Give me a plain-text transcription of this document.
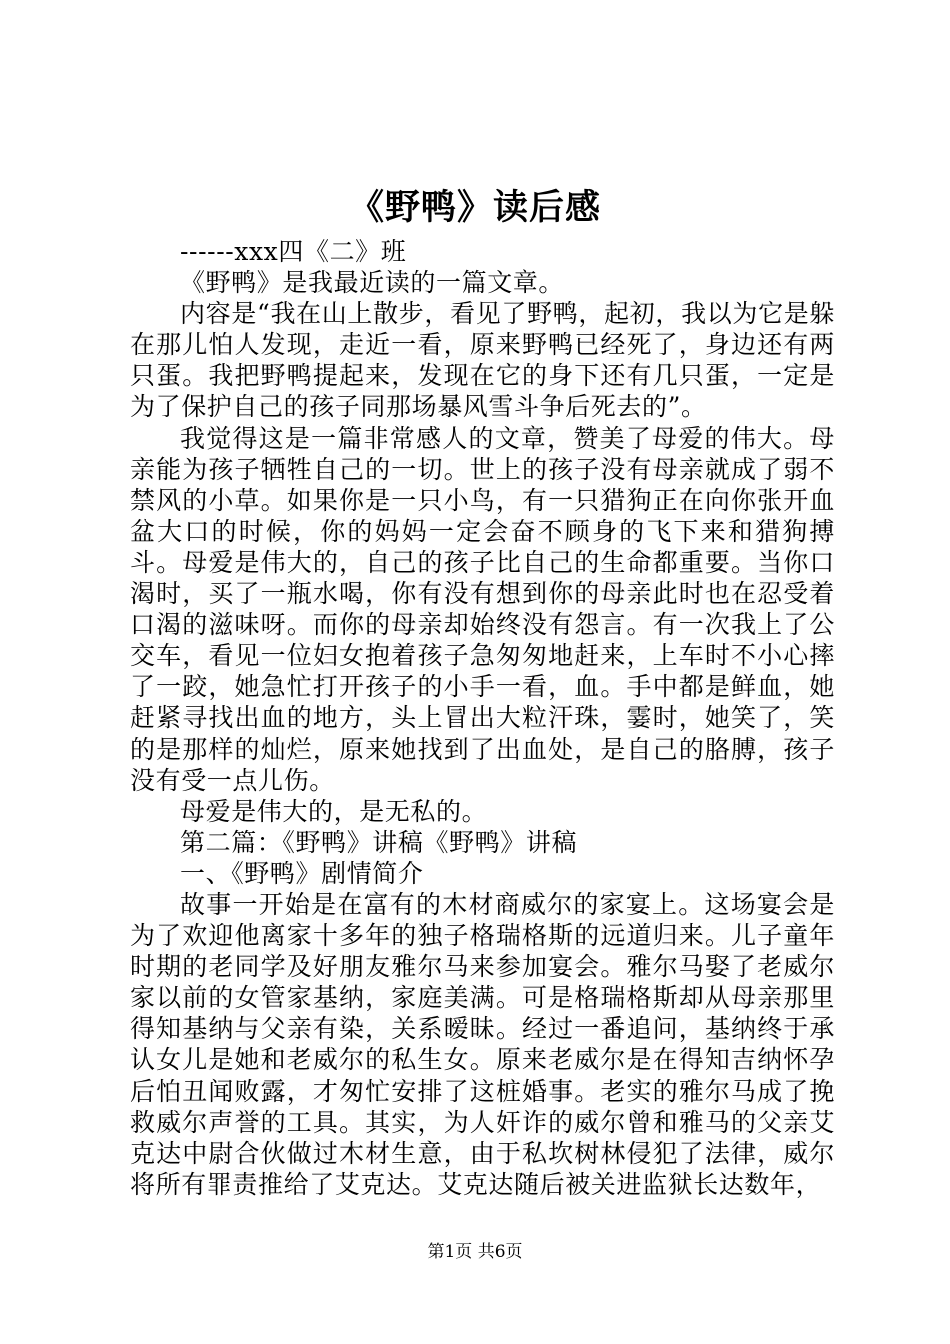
《野鸭》读后感

------xxx四《二》班

《野鸭》是我最近读的一篇文章。

内容是“我在山上散步，看见了野鸭，起初，我以为它是躲在那儿怕人发现，走近一看，原来野鸭已经死了，身边还有两只蛋。我把野鸭提起来，发现在它的身下还有几只蛋，一定是为了保护自己的孩子同那场暴风雪斗争后死去的”。

我觉得这是一篇非常感人的文章，赞美了母爱的伟大。母亲能为孩子牺牲自己的一切。世上的孩子没有母亲就成了弱不禁风的小草。如果你是一只小鸟，有一只猎狗正在向你张开血盆大口的时候，你的妈妈一定会奋不顾身的飞下来和猎狗搏斗。母爱是伟大的，自己的孩子比自己的生命都重要。当你口渴时，买了一瓶水喝，你有没有想到你的母亲此时也在忍受着口渴的滋味呀。而你的母亲却始终没有怨言。有一次我上了公交车，看见一位妇女抱着孩子急匆匆地赶来，上车时不小心摔了一跤，她急忙打开孩子的小手一看，血。手中都是鲜血，她赶紧寻找出血的地方，头上冒出大粒汗珠，霎时，她笑了，笑的是那样的灿烂，原来她找到了出血处，是自己的胳膊，孩子没有受一点儿伤。

母爱是伟大的，是无私的。

第二篇：《野鸭》讲稿《野鸭》讲稿

一、《野鸭》剧情简介

故事一开始是在富有的木材商威尔的家宴上。这场宴会是为了欢迎他离家十多年的独子格瑞格斯的远道归来。儿子童年时期的老同学及好朋友雅尔马来参加宴会。雅尔马娶了老威尔家以前的女管家基纳，家庭美满。可是格瑞格斯却从母亲那里得知基纳与父亲有染，关系暧昧。经过一番追问，基纳终于承认女儿是她和老威尔的私生女。原来老威尔是在得知吉纳怀孕后怕丑闻败露，才匆忙安排了这桩婚事。老实的雅尔马成了挽救威尔声誉的工具。其实，为人奸诈的威尔曾和雅马的父亲艾克达中尉合伙做过木材生意，由于私坎树林侵犯了法律，威尔将所有罪责推给了艾克达。艾克达随后被关进监狱长达数年，

第1页 共6页
